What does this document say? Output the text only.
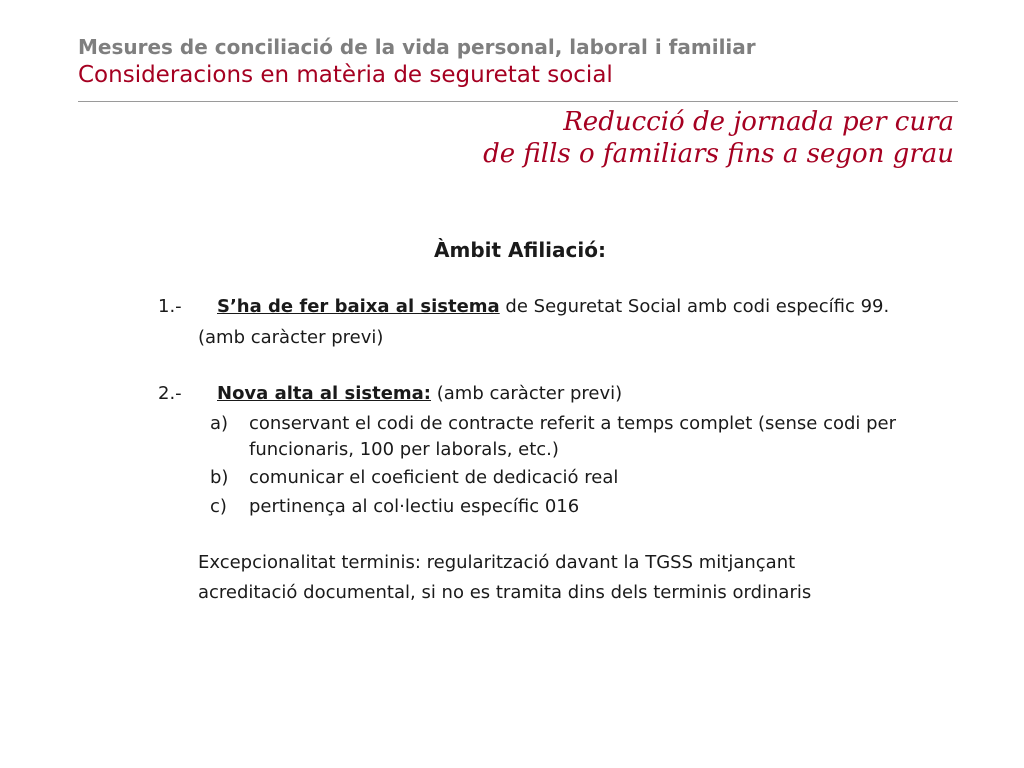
Mesures de conciliació de la vida personal, laboral i familiar
Consideracions en matèria de seguretat social
Reducció de jornada per cura
de fills o familiars fins a segon grau
Àmbit Afiliació:
1.- S’ha de fer baixa al sistema de Seguretat Social amb codi específic 99.
(amb caràcter previ)
2.- Nova alta al sistema: (amb caràcter previ)
a) conservant el codi de contracte referit a temps complet (sense codi per
funcionaris, 100 per laborals, etc.)
b) comunicar el coeficient de dedicació real
c) pertinença al col·lectiu específic 016
Excepcionalitat terminis: regularització davant la TGSS mitjançant
acreditació documental, si no es tramita dins dels terminis ordinaris
